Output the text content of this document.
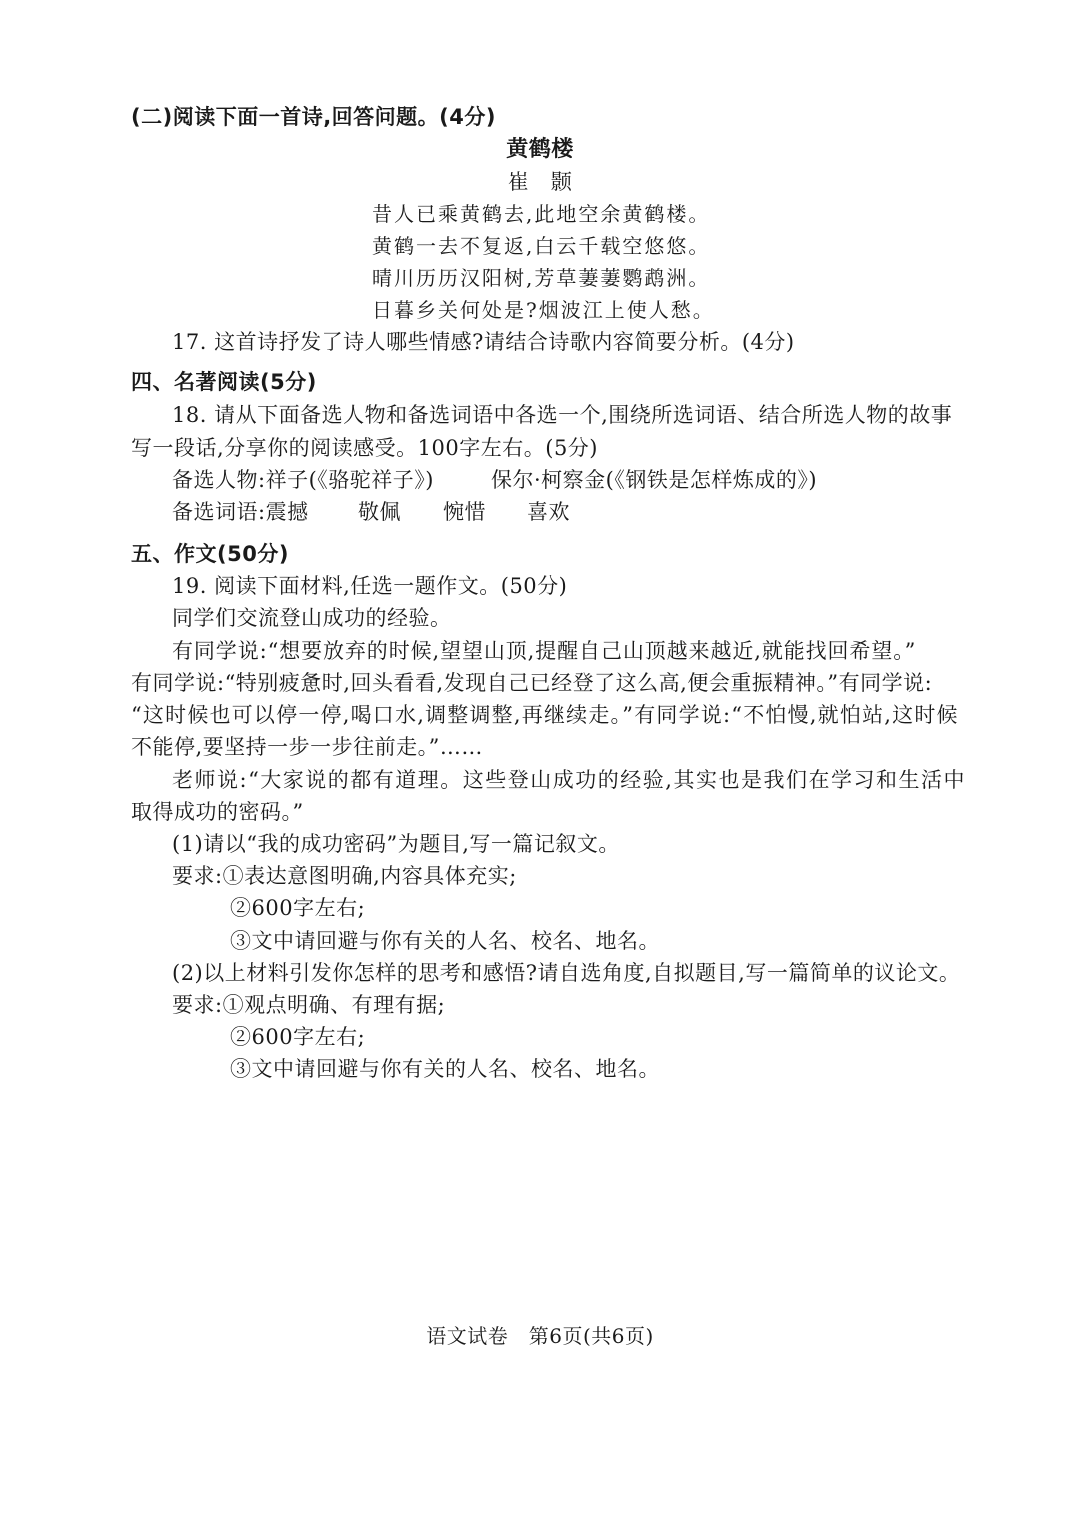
(二)阅读下面一首诗,回答问题。(4分)
黄鹤楼
崔　颢
昔人已乘黄鹤去,此地空余黄鹤楼。
黄鹤一去不复返,白云千载空悠悠。
晴川历历汉阳树,芳草萋萋鹦鹉洲。
日暮乡关何处是?烟波江上使人愁。
17. 这首诗抒发了诗人哪些情感?请结合诗歌内容简要分析。(4分)
四、名著阅读(5分)
18. 请从下面备选人物和备选词语中各选一个,围绕所选词语、结合所选人物的故事
写一段话,分享你的阅读感受。100字左右。(5分)
备选人物:祥子(《骆驼祥子》)	保尔·柯察金(《钢铁是怎样炼成的》)
备选词语:震撼 敬佩 惋惜 喜欢
五、作文(50分)
19. 阅读下面材料,任选一题作文。(50分)
同学们交流登山成功的经验。
有同学说:“想要放弃的时候,望望山顶,提醒自己山顶越来越近,就能找回希望。”
有同学说:“特别疲惫时,回头看看,发现自己已经登了这么高,便会重振精神。”有同学说:
“这时候也可以停一停,喝口水,调整调整,再继续走。”有同学说:“不怕慢,就怕站,这时候
不能停,要坚持一步一步往前走。”……
老师说:“大家说的都有道理。这些登山成功的经验,其实也是我们在学习和生活中
取得成功的密码。”
(1)请以“我的成功密码”为题目,写一篇记叙文。
要求:①表达意图明确,内容具体充实;
②600字左右;
③文中请回避与你有关的人名、校名、地名。
(2)以上材料引发你怎样的思考和感悟?请自选角度,自拟题目,写一篇简单的议论文。
要求:①观点明确、有理有据;
②600字左右;
③文中请回避与你有关的人名、校名、地名。
语文试卷　第6页(共6页)
